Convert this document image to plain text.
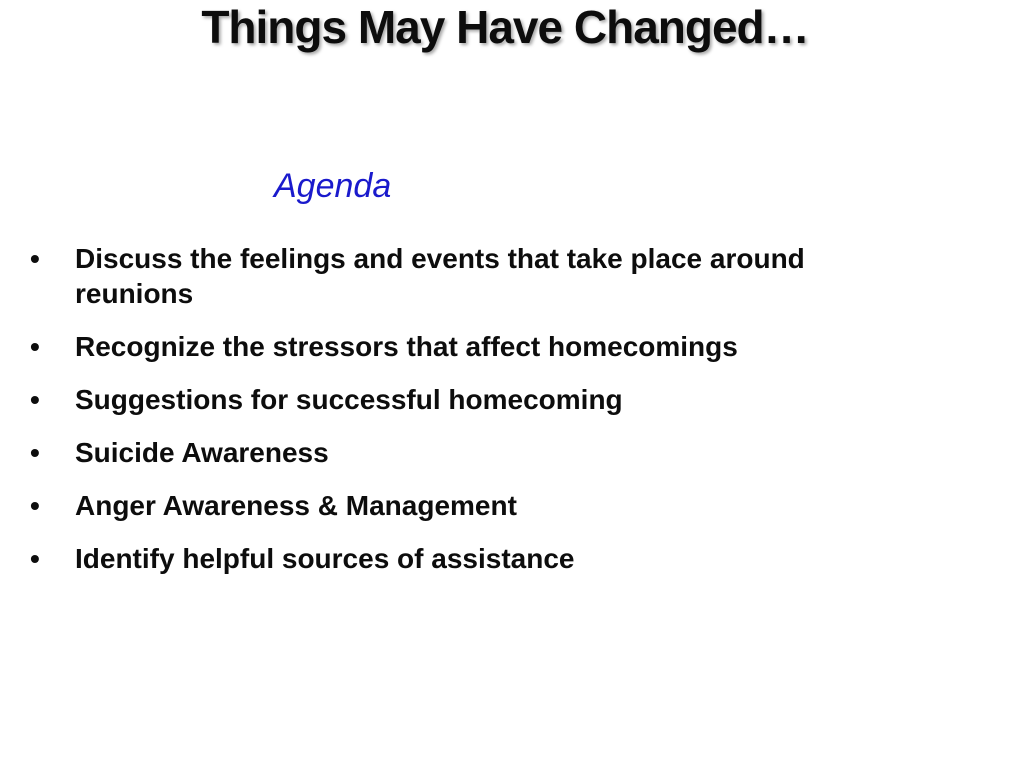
Things May Have Changed…
Agenda
•	Discuss the feelings and events that take place around reunions
•	Recognize the stressors that affect homecomings
•	Suggestions for successful homecoming
•	Suicide Awareness
•	Anger Awareness & Management
•	Identify helpful sources of assistance
